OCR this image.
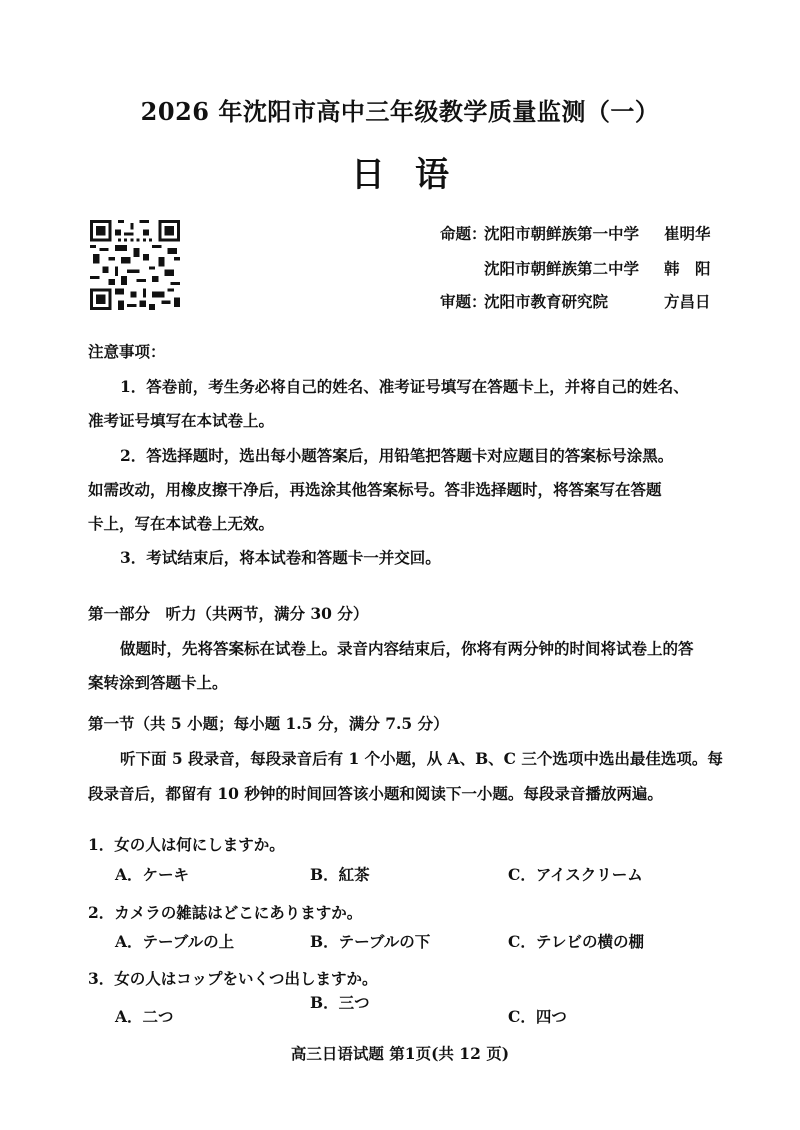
2026 年沈阳市高中三年级教学质量监测（一）
日语
命题：
沈阳市朝鲜族第一中学 崔明华
沈阳市朝鲜族第二中学 韩　阳
审题：
沈阳市教育研究院	方昌日
注意事项：
1．答卷前，考生务必将自己的姓名、准考证号填写在答题卡上，并将自己的姓名、
准考证号填写在本试卷上。
2．答选择题时，选出每小题答案后，用铅笔把答题卡对应题目的答案标号涂黑。
如需改动，用橡皮擦干净后，再选涂其他答案标号。答非选择题时，将答案写在答题
卡上，写在本试卷上无效。
3．考试结束后，将本试卷和答题卡一并交回。
第一部分　听力（共两节，满分 30 分）
做题时，先将答案标在试卷上。录音内容结束后，你将有两分钟的时间将试卷上的答
案转涂到答题卡上。
第一节（共 5 小题；每小题 1.5 分，满分 7.5 分）
听下面 5 段录音，每段录音后有 1 个小题，从 A、B、C 三个选项中选出最佳选项。每
段录音后，都留有 10 秒钟的时间回答该小题和阅读下一小题。每段录音播放两遍。
1．女の人は何にしますか。
A．ケーキ	B．紅茶	C．アイスクリーム
2．カメラの雑誌はどこにありますか。
A．テーブルの上	B．テーブルの下	C．テレビの横の棚
3．女の人はコップをいくつ出しますか。
B．三つ
A．二つ	C．四つ
高三日语试题 第1页(共 12 页)
